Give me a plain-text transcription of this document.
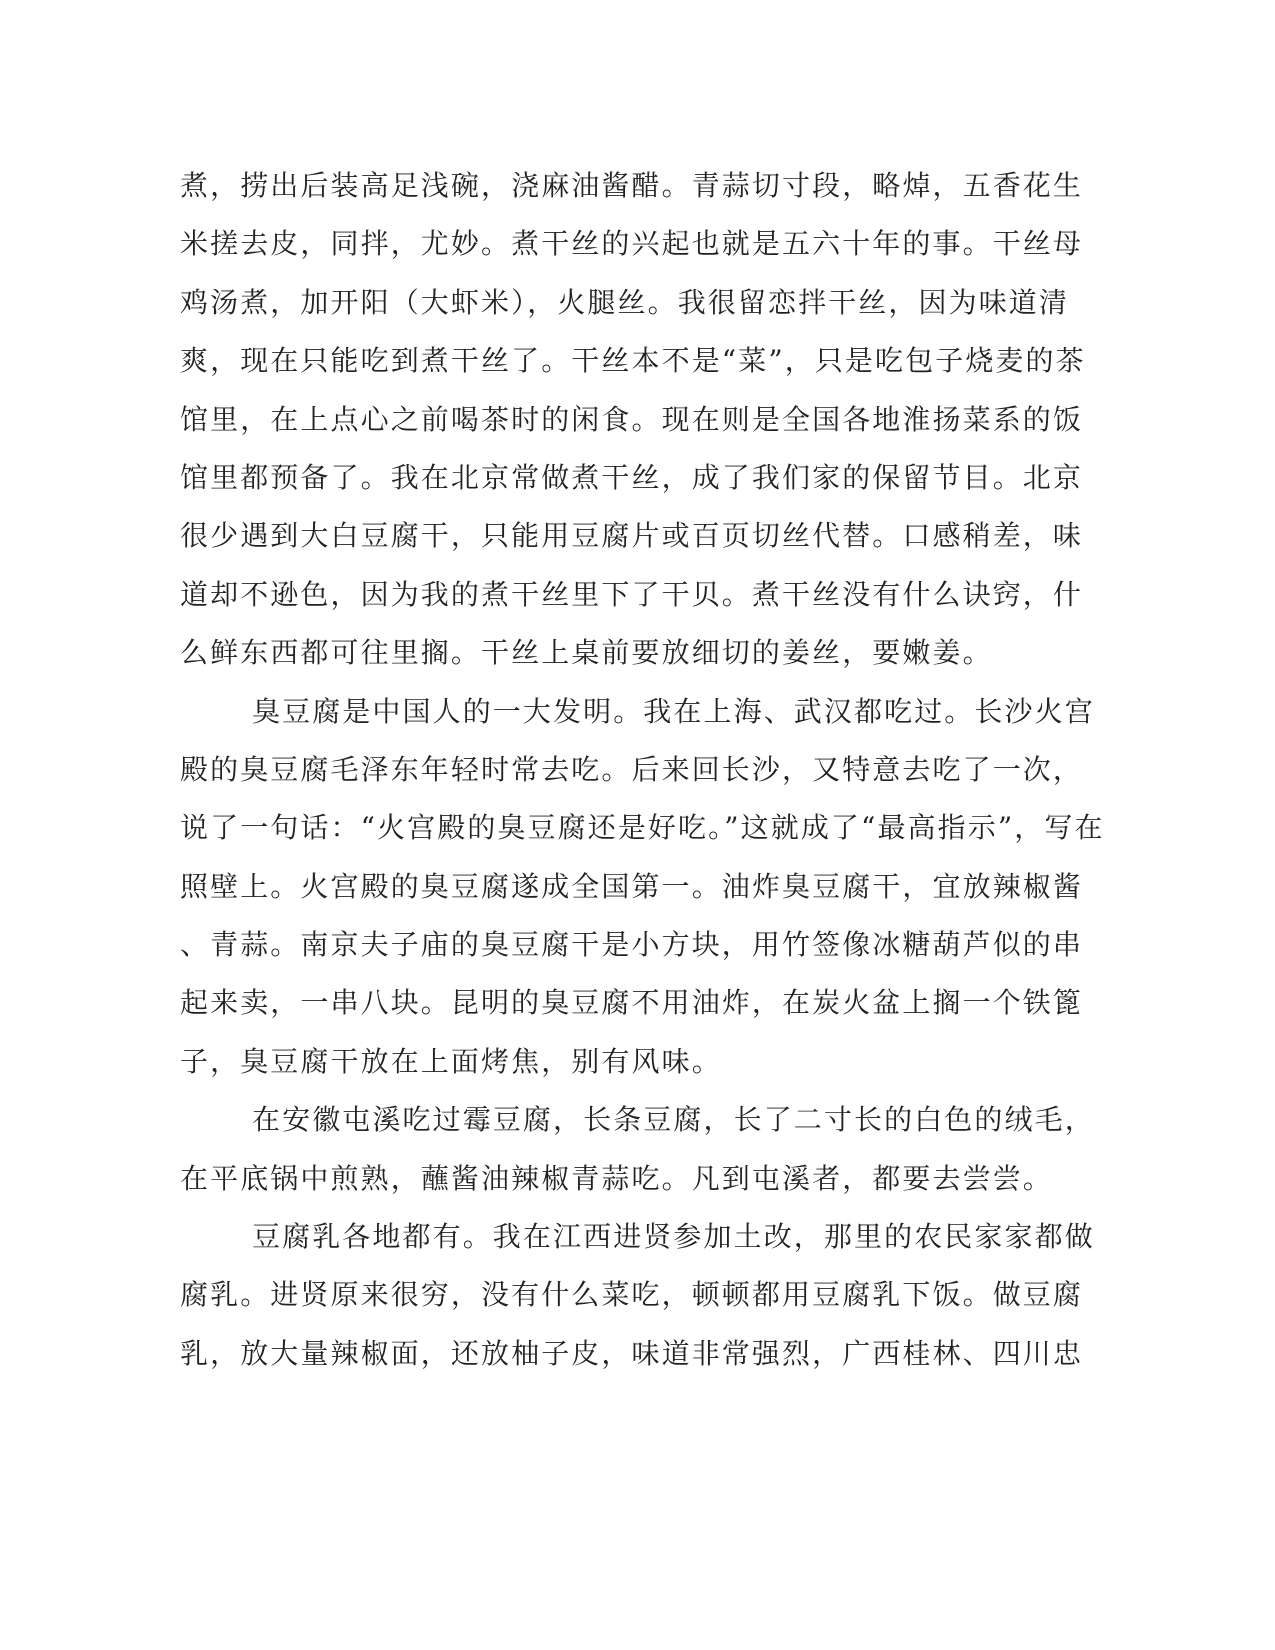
煮，捞出后装高足浅碗，浇麻油酱醋。青蒜切寸段，略焯，五香花生
米搓去皮，同拌，尤妙。煮干丝的兴起也就是五六十年的事。干丝母
鸡汤煮，加开阳（大虾米），火腿丝。我很留恋拌干丝，因为味道清
爽，现在只能吃到煮干丝了。干丝本不是“菜”，只是吃包子烧麦的茶
馆里，在上点心之前喝茶时的闲食。现在则是全国各地淮扬菜系的饭
馆里都预备了。我在北京常做煮干丝，成了我们家的保留节目。北京
很少遇到大白豆腐干，只能用豆腐片或百页切丝代替。口感稍差，味
道却不逊色，因为我的煮干丝里下了干贝。煮干丝没有什么诀窍，什
么鲜东西都可往里搁。干丝上桌前要放细切的姜丝，要嫩姜。
臭豆腐是中国人的一大发明。我在上海、武汉都吃过。长沙火宫
殿的臭豆腐毛泽东年轻时常去吃。后来回长沙，又特意去吃了一次，
说了一句话：“火宫殿的臭豆腐还是好吃。”这就成了“最高指示”，写在
照壁上。火宫殿的臭豆腐遂成全国第一。油炸臭豆腐干，宜放辣椒酱
、青蒜。南京夫子庙的臭豆腐干是小方块，用竹签像冰糖葫芦似的串
起来卖，一串八块。昆明的臭豆腐不用油炸，在炭火盆上搁一个铁篦
子，臭豆腐干放在上面烤焦，别有风味。
在安徽屯溪吃过霉豆腐，长条豆腐，长了二寸长的白色的绒毛，
在平底锅中煎熟，蘸酱油辣椒青蒜吃。凡到屯溪者，都要去尝尝。
豆腐乳各地都有。我在江西进贤参加土改，那里的农民家家都做
腐乳。进贤原来很穷，没有什么菜吃，顿顿都用豆腐乳下饭。做豆腐
乳，放大量辣椒面，还放柚子皮，味道非常强烈，广西桂林、四川忠
